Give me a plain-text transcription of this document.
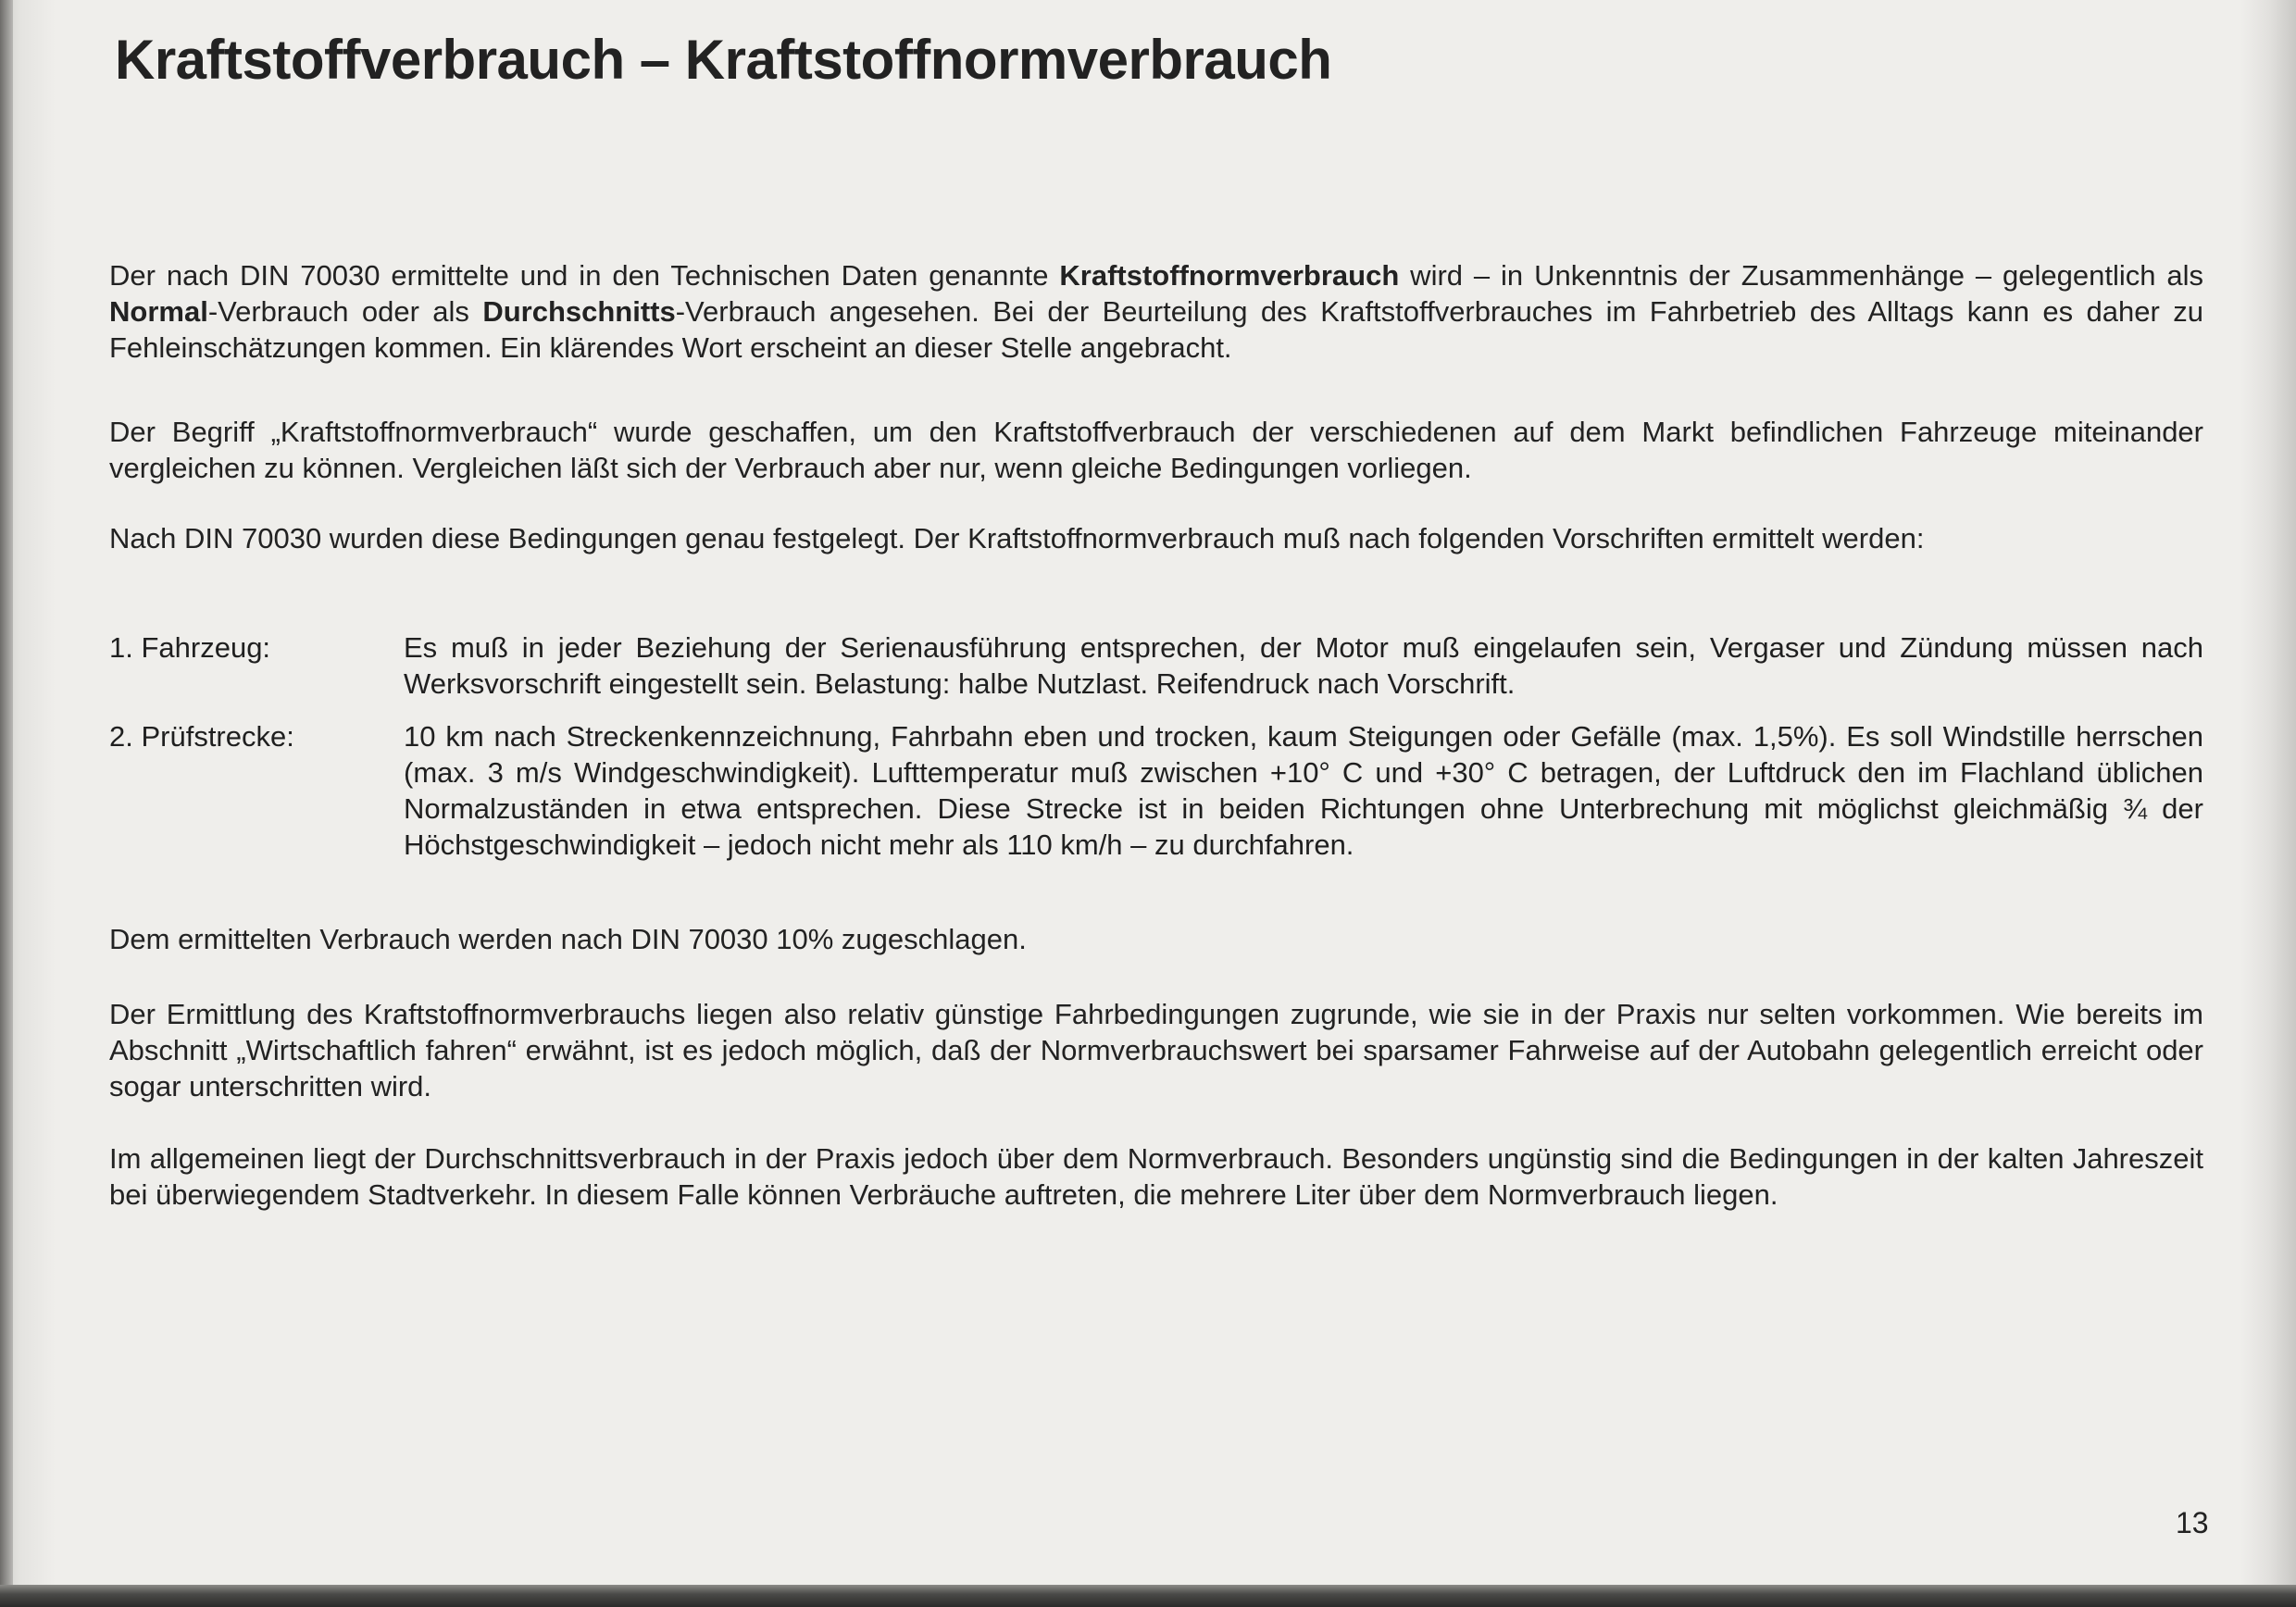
Kraftstoffverbrauch – Kraftstoffnormverbrauch

Der nach DIN 70030 ermittelte und in den Technischen Daten genannte Kraftstoffnormverbrauch wird – in Unkenntnis der Zusammenhänge – gelegentlich als Normal-Verbrauch oder als Durchschnitts-Verbrauch angesehen. Bei der Beurteilung des Kraftstoffverbrauches im Fahrbetrieb des Alltags kann es daher zu Fehleinschätzungen kommen. Ein klärendes Wort erscheint an dieser Stelle angebracht.

Der Begriff „Kraftstoffnormverbrauch“ wurde geschaffen, um den Kraftstoffverbrauch der verschiedenen auf dem Markt befindlichen Fahrzeuge miteinander vergleichen zu können. Vergleichen läßt sich der Verbrauch aber nur, wenn gleiche Bedingungen vorliegen.

Nach DIN 70030 wurden diese Bedingungen genau festgelegt. Der Kraftstoffnormverbrauch muß nach folgenden Vorschriften ermittelt werden:

1. Fahrzeug:	Es muß in jeder Beziehung der Serienausführung entsprechen, der Motor muß eingelaufen sein, Vergaser und Zündung müssen nach Werksvorschrift eingestellt sein. Belastung: halbe Nutzlast. Reifendruck nach Vorschrift.
2. Prüfstrecke:	10 km nach Streckenkennzeichnung, Fahrbahn eben und trocken, kaum Steigungen oder Gefälle (max. 1,5%). Es soll Windstille herrschen (max. 3 m/s Windgeschwindigkeit). Lufttemperatur muß zwischen +10° C und +30° C betragen, der Luftdruck den im Flachland üblichen Normalzuständen in etwa entsprechen. Diese Strecke ist in beiden Richtungen ohne Unterbrechung mit möglichst gleichmäßig ¾ der Höchstgeschwindigkeit – jedoch nicht mehr als 110 km/h – zu durchfahren.

Dem ermittelten Verbrauch werden nach DIN 70030 10% zugeschlagen.

Der Ermittlung des Kraftstoffnormverbrauchs liegen also relativ günstige Fahrbedingungen zugrunde, wie sie in der Praxis nur selten vorkommen. Wie bereits im Abschnitt „Wirtschaftlich fahren“ erwähnt, ist es jedoch möglich, daß der Normverbrauchswert bei sparsamer Fahrweise auf der Autobahn gelegentlich erreicht oder sogar unterschritten wird.

Im allgemeinen liegt der Durchschnittsverbrauch in der Praxis jedoch über dem Normverbrauch. Besonders ungünstig sind die Bedingungen in der kalten Jahreszeit bei überwiegendem Stadtverkehr. In diesem Falle können Verbräuche auftreten, die mehrere Liter über dem Normverbrauch liegen.

13
